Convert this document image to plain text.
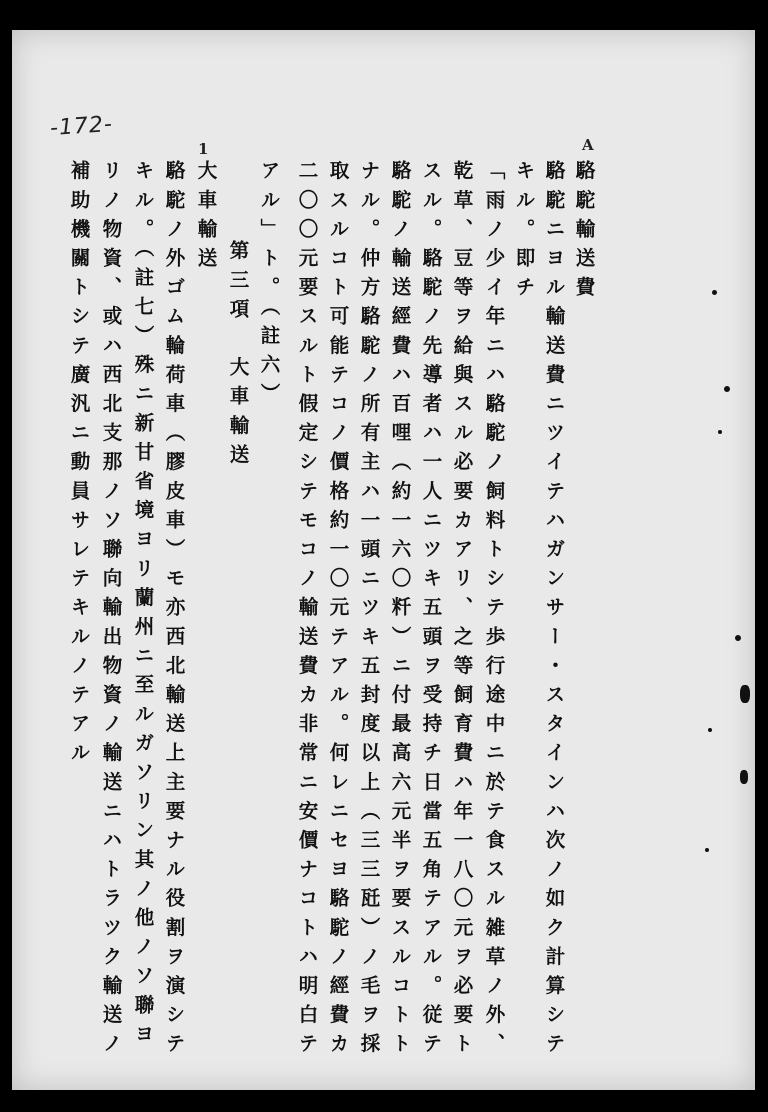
-172-
A
1
駱駝輸送費
駱駝ニヨル輸送費ニツイテハガンサー・スタインハ次ノ如ク計算シテ
キル。即チ
「雨ノ少イ年ニハ駱駝ノ飼料トシテ歩行途中ニ於テ食スル雑草ノ外、
乾草、豆等ヲ給與スル必要カアリ、之等飼育費ハ年一八〇元ヲ必要ト
スル。駱駝ノ先導者ハ一人ニツキ五頭ヲ受持チ日當五角テアル。従テ
駱駝ノ輸送經費ハ百哩（約一六〇粁）ニ付最高六元半ヲ要スルコトト
ナル。仲方駱駝ノ所有主ハ一頭ニツキ五封度以上（三三瓩）ノ毛ヲ採
取スルコト可能テコノ價格約一〇元テアル。何レニセヨ駱駝ノ經費カ
二〇〇元要スルト假定シテモコノ輸送費カ非常ニ安價ナコトハ明白テ
アル」ト。（註六）
第三項　大車輸送
大車輸送
駱駝ノ外ゴム輪荷車（膠皮車）モ亦西北輸送上主要ナル役割ヲ演シテ
キル。（註七）殊ニ新甘省境ヨリ蘭州ニ至ルガソリン其ノ他ノソ聯ヨ
リノ物資、或ハ西北支那ノソ聯向輸出物資ノ輸送ニハトラツク輸送ノ
補助機關トシテ廣汎ニ動員サレテキルノテアル
